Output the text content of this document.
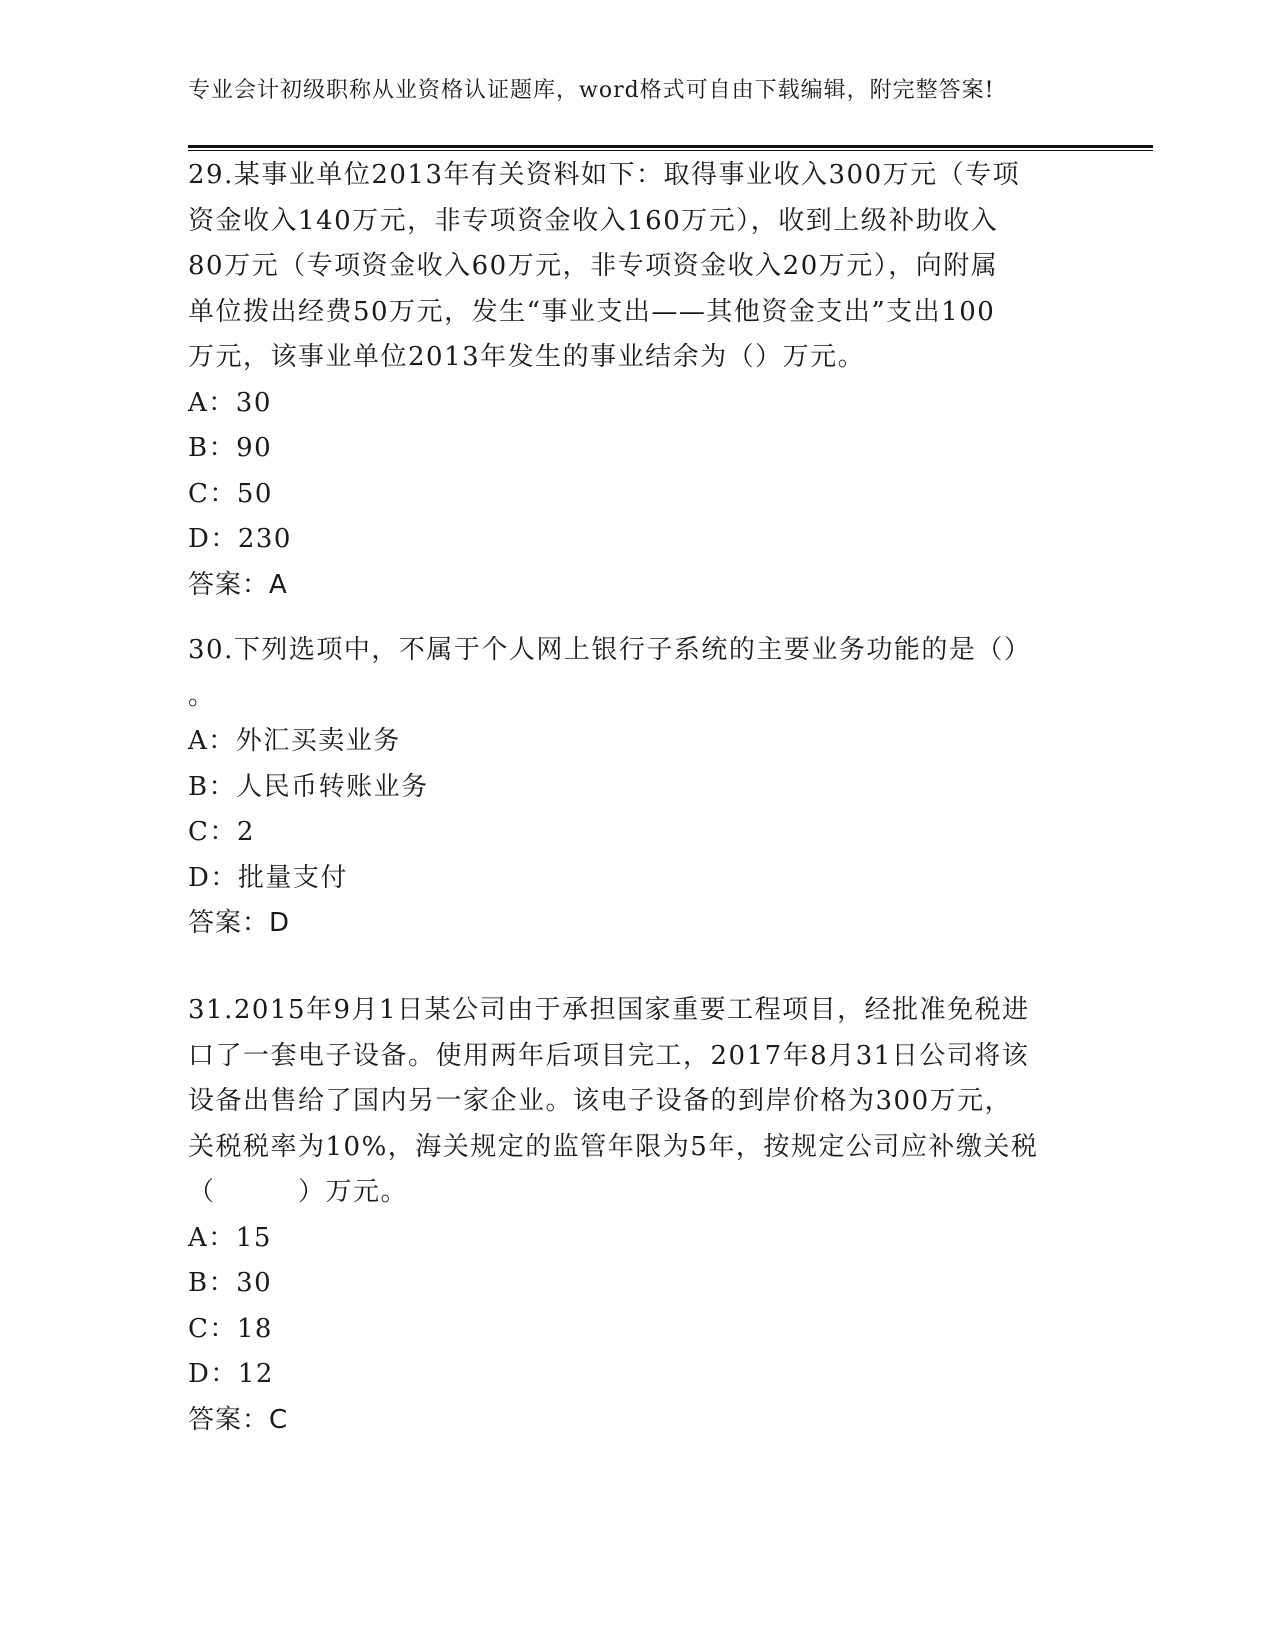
专业会计初级职称从业资格认证题库，word格式可自由下载编辑，附完整答案!
29.某事业单位2013年有关资料如下：取得事业收入300万元（专项
资金收入140万元，非专项资金收入160万元），收到上级补助收入
80万元（专项资金收入60万元，非专项资金收入20万元），向附属
单位拨出经费50万元，发生“事业支出——其他资金支出”支出100
万元，该事业单位2013年发生的事业结余为（）万元。
A：30
B：90
C：50
D：230
答案：A
30.下列选项中，不属于个人网上银行子系统的主要业务功能的是（）
。
A：外汇买卖业务
B：人民币转账业务
C：2
D：批量支付
答案：D
31.2015年9月1日某公司由于承担国家重要工程项目，经批准免税进
口了一套电子设备。使用两年后项目完工，2017年8月31日公司将该
设备出售给了国内另一家企业。该电子设备的到岸价格为300万元，
关税税率为10%，海关规定的监管年限为5年，按规定公司应补缴关税
（　　　）万元。
A：15
B：30
C：18
D：12
答案：C
